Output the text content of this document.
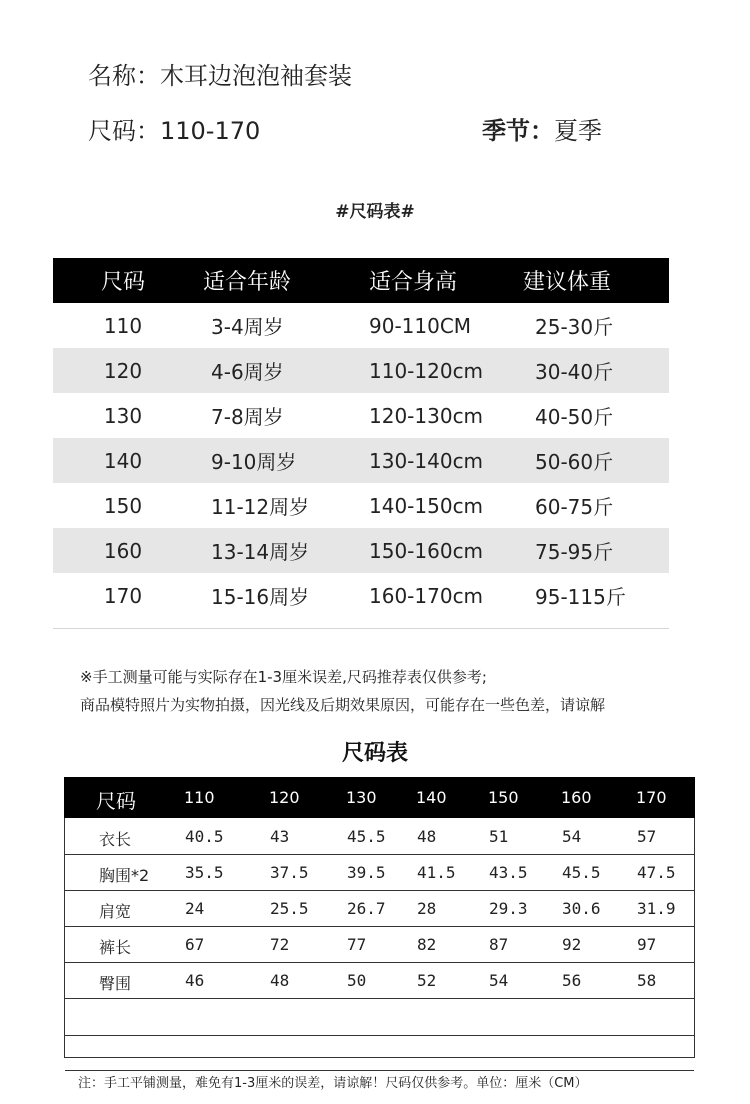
名称：木耳边泡泡袖套装
尺码：110-170	季节：夏季
#尺码表#
尺码	适合年龄	适合身高	建议体重
110	3-4周岁	90-110CM	25-30斤
120	4-6周岁	110-120cm	30-40斤
130	7-8周岁	120-130cm	40-50斤
140	9-10周岁	130-140cm	50-60斤
150	11-12周岁	140-150cm	60-75斤
160	13-14周岁	150-160cm	75-95斤
170	15-16周岁	160-170cm	95-115斤
※手工测量可能与实际存在1-3厘米误差,尺码推荐表仅供参考;
商品模特照片为实物拍摄，因光线及后期效果原因，可能存在一些色差，请谅解
尺码表
尺码	110	120	130 140	150	160	170
衣长	40.5	43	45.5 48	51	54	57
胸围*2 35.5	37.5 39.5 41.5 43.5 45.5 47.5
肩宽	24	25.5 26.7 28	29.3 30.6 31.9
裤长	67	72	77	82	87	92	97
臀围	46	48	50	52	54	56	58
注：手工平铺测量，难免有1-3厘米的误差，请谅解！尺码仅供参考。单位：厘米（CM）
